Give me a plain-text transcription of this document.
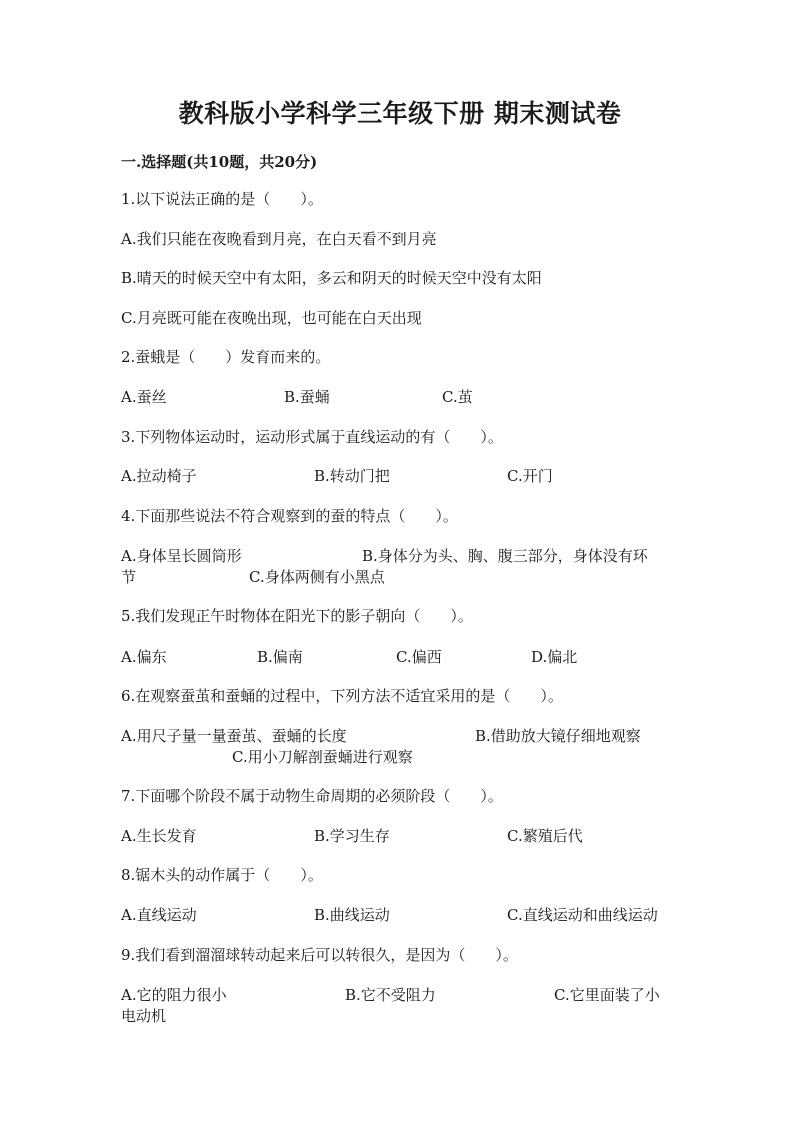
教科版小学科学三年级下册 期末测试卷
一.选择题(共10题，共20分)
1.以下说法正确的是（　　）。
A.我们只能在夜晚看到月亮，在白天看不到月亮
B.晴天的时候天空中有太阳，多云和阴天的时候天空中没有太阳
C.月亮既可能在夜晚出现，也可能在白天出现
2.蚕蛾是（　　）发育而来的。
A.蚕丝	B.蚕蛹	C.茧
3.下列物体运动时，运动形式属于直线运动的有（　　）。
A.拉动椅子	B.转动门把	C.开门
4.下面那些说法不符合观察到的蚕的特点（　　）。
A.身体呈长圆筒形	B.身体分为头、胸、腹三部分，身体没有环
节	C.身体两侧有小黑点
5.我们发现正午时物体在阳光下的影子朝向（　　）。
A.偏东	B.偏南	C.偏西	D.偏北
6.在观察蚕茧和蚕蛹的过程中，下列方法不适宜采用的是（　　）。
A.用尺子量一量蚕茧、蚕蛹的长度	B.借助放大镜仔细地观察
C.用小刀解剖蚕蛹进行观察
7.下面哪个阶段不属于动物生命周期的必须阶段（　　）。
A.生长发育	B.学习生存	C.繁殖后代
8.锯木头的动作属于（　　）。
A.直线运动	B.曲线运动	C.直线运动和曲线运动
9.我们看到溜溜球转动起来后可以转很久，是因为（　　）。
A.它的阻力很小	B.它不受阻力	C.它里面装了小
电动机
